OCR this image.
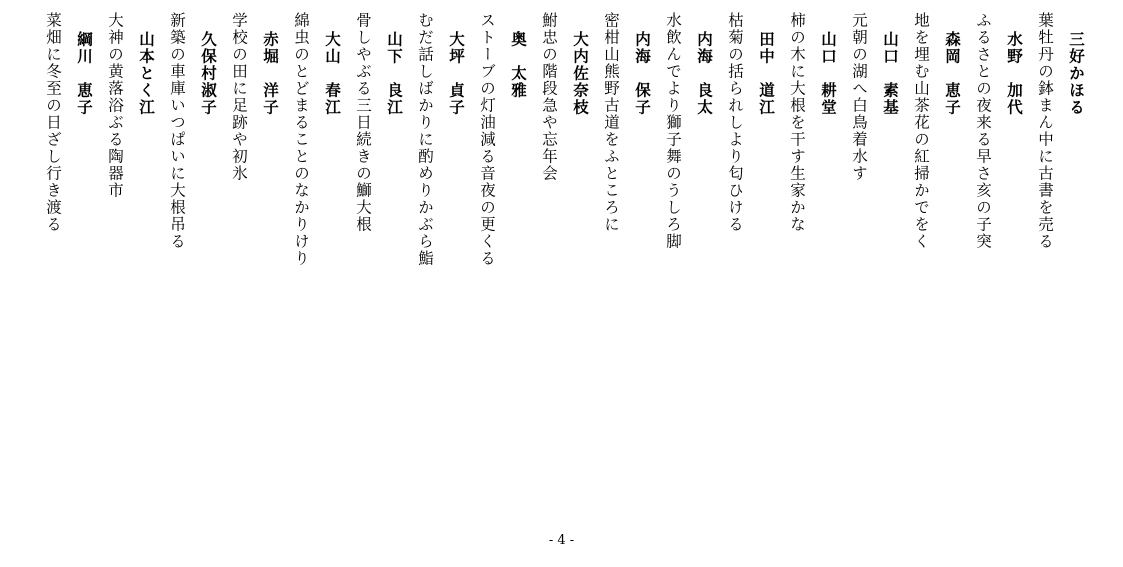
三好かほる
葉牡丹の鉢まん中に古書を売る
水野　加代
ふるさとの夜来る早さ亥の子突
森岡　恵子
地を埋む山茶花の紅掃かでをく
山口　素基
元朝の湖へ白鳥着水す
山口　耕堂
柿の木に大根を干す生家かな
田中　道江
枯菊の括られしより匂ひける
内海　良太
水飲んでより獅子舞のうしろ脚
内海　保子
密柑山熊野古道をふところに
大内佐奈枝
鮒忠の階段急や忘年会
奥　太雅
ストーブの灯油減る音夜の更くる
大坪　貞子
むだ話しばかりに酌めりかぶら鮨
山下　良江
骨しやぶる三日続きの鰤大根
大山　春江
綿虫のとどまることのなかりけり
赤堀　洋子
学校の田に足跡や初氷
久保村淑子
新築の車庫いつぱいに大根吊る
山本とく江
大神の黄落浴ぶる陶器市
綱川　恵子
菜畑に冬至の日ざし行き渡る
- 4 -
